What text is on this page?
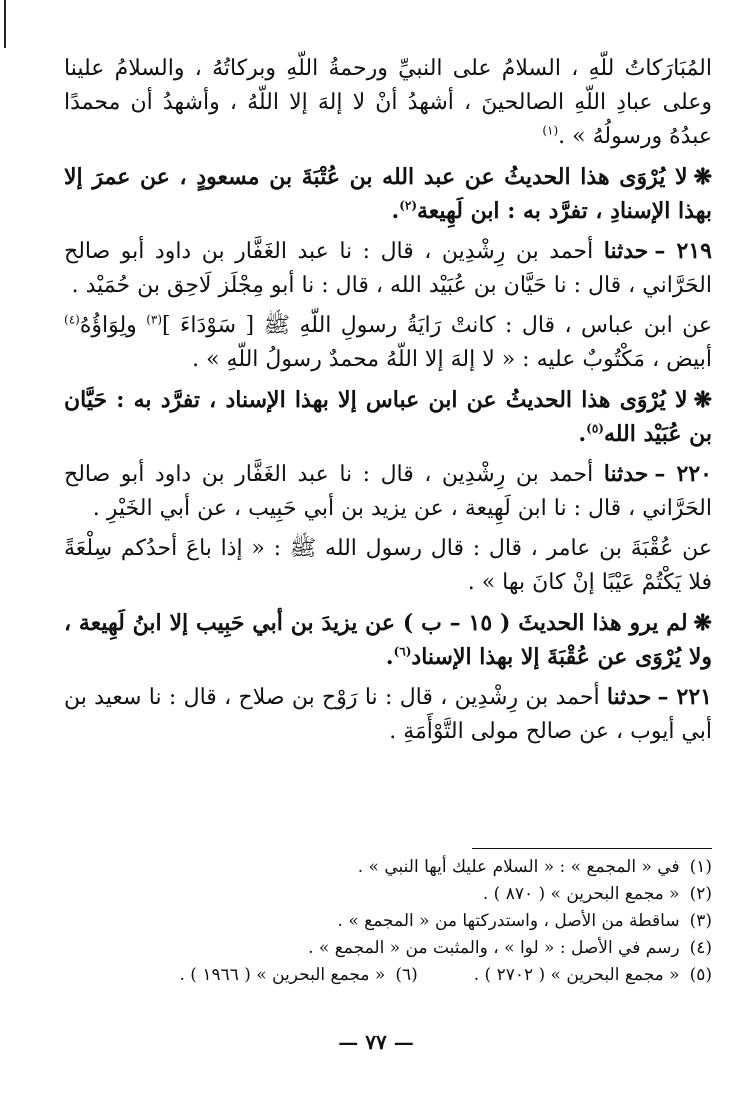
المُبَارَكاتُ للّهِ ، السلامُ على النبيِّ ورحمةُ اللّهِ وبركاتُهُ ، والسلامُ علينا وعلى عبادِ اللّهِ الصالحينَ ، أشهدُ أنْ لا إلهَ إلا اللّهُ ، وأشهدُ أن محمدًا عبدُهُ ورسولُهُ » .$^{(١)}$

❋لا يُرْوَى هذا الحديثُ عن عبد الله بن عُتْبَةَ بن مسعودٍ ، عن عمرَ إلا بهذا الإسنادِ ، تفرَّد به : ابن لَهِيعة$^{(٢)}$.

٢١٩ –حدثنا أحمد بن رِشْدِين ، قال : نا عبد الغَفَّار بن داود أبو صالح الحَرَّاني ، قال : نا حَيَّان بن عُبَيْد الله ، قال : نا أبو مِجْلَز لَاحِق بن حُمَيْد .

عن ابن عباس ، قال : كانتْ رَايَةُ رسولِ اللّهِ ﷺ [ سَوْدَاءَ ]$^{(٣)}$ ولِوَاؤُهُ$^{(٤)}$ أبيض ، مَكْتُوبٌ عليه : « لا إلهَ إلا اللّهُ محمدٌ رسولُ اللّهِ » .

❋لا يُرْوَى هذا الحديثُ عن ابن عباس إلا بهذا الإسناد ، تفرَّد به : حَيَّان بن عُبَيْد الله$^{(٥)}$.

٢٢٠ –حدثنا أحمد بن رِشْدِين ، قال : نا عبد الغَفَّار بن داود أبو صالح الحَرَّاني ، قال : نا ابن لَهِيعة ، عن يزيد بن أبي حَبِيب ، عن أبي الخَيْرِ .

عن عُقْبَةَ بن عامر ، قال : قال رسول الله ﷺ : « إذا باعَ أحدُكم سِلْعَةً فلا يَكْتُمْ عَيْبًا إنْ كانَ بها » .

❋لم يرو هذا الحديثَ ( ١٥ – ب ) عن يزيدَ بن أبي حَبِيب إلا ابنُ لَهِيعة ، ولا يُرْوَى عن عُقْبَةَ إلا بهذا الإسناد$^{(٦)}$.

٢٢١ –حدثنا أحمد بن رِشْدِين ، قال : نا رَوْح بن صلاح ، قال : نا سعيد بن أبي أيوب ، عن صالح مولى التَّوْأَمَةِ .

(١)في « المجمع » : « السلام عليك أيها النبي » .

(٢)« مجمع البحرين » ( ٨٧٠ ) .

(٣)ساقطة من الأصل ، واستدركتها من « المجمع » .

(٤)رسم في الأصل : « لوا » ، والمثبت من « المجمع » .

(٥)« مجمع البحرين » ( ٢٧٠٢ ) .(٦)« مجمع البحرين » ( ١٩٦٦ ) .

— ٧٧ —
